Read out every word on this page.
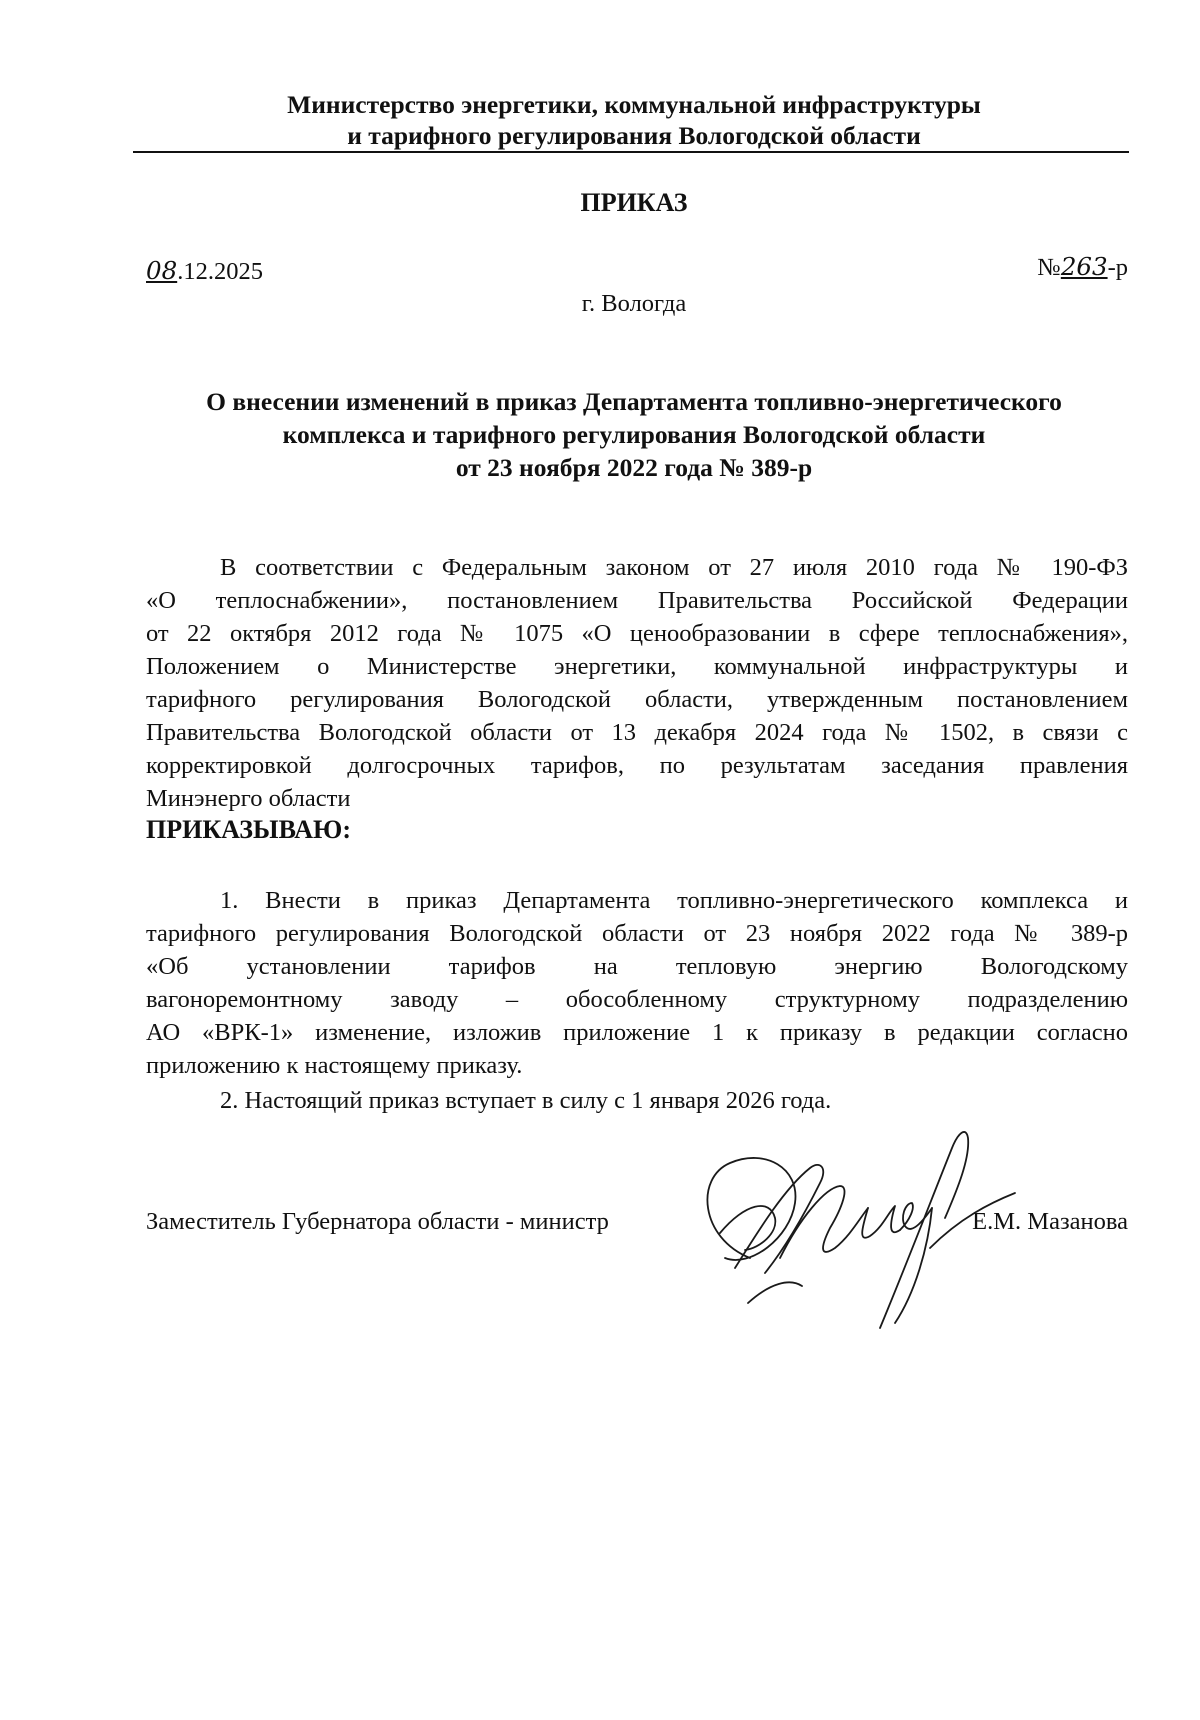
Министерство энергетики, коммунальной инфраструктуры
и тарифного регулирования Вологодской области
ПРИКАЗ
08.12.2025	№263-р
г. Вологда
О внесении изменений в приказ Департамента топливно-энергетического
комплекса и тарифного регулирования Вологодской области
от 23 ноября 2022 года № 389-р
В соответствии с Федеральным законом от 27 июля 2010 года № 190-ФЗ
«О теплоснабжении», постановлением Правительства Российской Федерации
от 22 октября 2012 года № 1075 «О ценообразовании в сфере теплоснабжения»,
Положением о Министерстве энергетики, коммунальной инфраструктуры и
тарифного регулирования Вологодской области, утвержденным постановлением
Правительства Вологодской области от 13 декабря 2024 года № 1502, в связи с
корректировкой долгосрочных тарифов, по результатам заседания правления
Минэнерго области
ПРИКАЗЫВАЮ:
1. Внести в приказ Департамента топливно-энергетического комплекса и
тарифного регулирования Вологодской области от 23 ноября 2022 года № 389-р
«Об установлении тарифов на тепловую энергию Вологодскому
вагоноремонтному заводу – обособленному структурному подразделению
АО «ВРК-1» изменение, изложив приложение 1 к приказу в редакции согласно
приложению к настоящему приказу.
2. Настоящий приказ вступает в силу с 1 января 2026 года.
Заместитель Губернатора области - министр	Е.М. Мазанова
